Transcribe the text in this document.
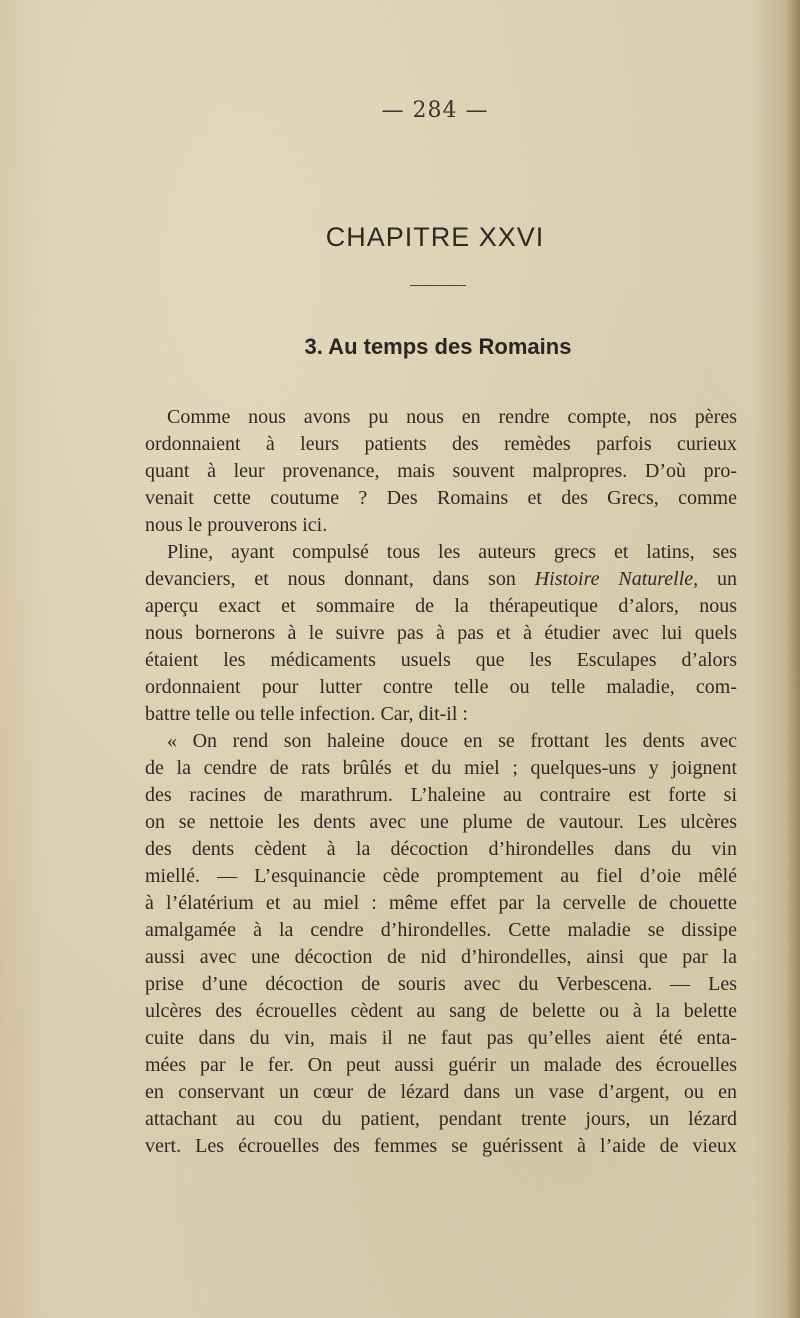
— 284 —
CHAPITRE XXVI
3. Au temps des Romains
Comme nous avons pu nous en rendre compte, nos pères
ordonnaient à leurs patients des remèdes parfois curieux
quant à leur provenance, mais souvent malpropres. D’où pro-
venait cette coutume ? Des Romains et des Grecs, comme
nous le prouverons ici.
Pline, ayant compulsé tous les auteurs grecs et latins, ses
devanciers, et nous donnant, dans son Histoire Naturelle, un
aperçu exact et sommaire de la thérapeutique d’alors, nous
nous bornerons à le suivre pas à pas et à étudier avec lui quels
étaient les médicaments usuels que les Esculapes d’alors
ordonnaient pour lutter contre telle ou telle maladie, com-
battre telle ou telle infection. Car, dit-il :
« On rend son haleine douce en se frottant les dents avec
de la cendre de rats brûlés et du miel ; quelques-uns y joignent
des racines de marathrum. L’haleine au contraire est forte si
on se nettoie les dents avec une plume de vautour. Les ulcères
des dents cèdent à la décoction d’hirondelles dans du vin
miellé. — L’esquinancie cède promptement au fiel d’oie mêlé
à l’élatérium et au miel : même effet par la cervelle de chouette
amalgamée à la cendre d’hirondelles. Cette maladie se dissipe
aussi avec une décoction de nid d’hirondelles, ainsi que par la
prise d’une décoction de souris avec du Verbescena. — Les
ulcères des écrouelles cèdent au sang de belette ou à la belette
cuite dans du vin, mais il ne faut pas qu’elles aient été enta-
mées par le fer. On peut aussi guérir un malade des écrouelles
en conservant un cœur de lézard dans un vase d’argent, ou en
attachant au cou du patient, pendant trente jours, un lézard
vert. Les écrouelles des femmes se guérissent à l’aide de vieux
